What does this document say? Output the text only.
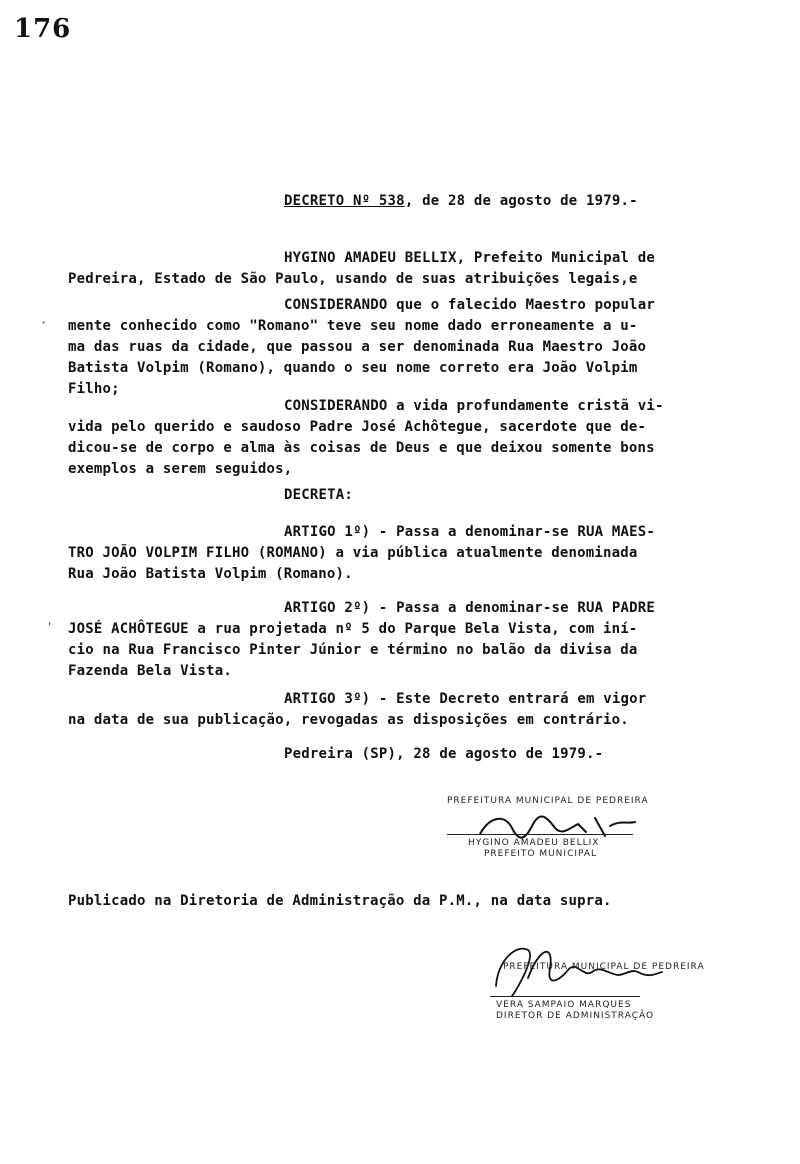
176
DECRETO Nº 538, de 28 de agosto de 1979.-
HYGINO AMADEU BELLIX, Prefeito Municipal de
Pedreira, Estado de São Paulo, usando de suas atribuições legais,e
CONSIDERANDO que o falecido Maestro popular
mente conhecido como "Romano" teve seu nome dado erroneamente a u-
ma das ruas da cidade, que passou a ser denominada Rua Maestro João
Batista Volpim (Romano), quando o seu nome correto era João Volpim
Filho;
CONSIDERANDO a vida profundamente cristã vi-
vida pelo querido e saudoso Padre José Achôtegue, sacerdote que de-
dicou-se de corpo e alma às coisas de Deus e que deixou somente bons
exemplos a serem seguidos,
DECRETA:
ARTIGO 1º) - Passa a denominar-se RUA MAES-
TRO JOÃO VOLPIM FILHO (ROMANO) a via pública atualmente denominada
Rua João Batista Volpim (Romano).
ARTIGO 2º) - Passa a denominar-se RUA PADRE
JOSÉ ACHÔTEGUE a rua projetada nº 5 do Parque Bela Vista, com iní-
cio na Rua Francisco Pinter Júnior e término no balão da divisa da
Fazenda Bela Vista.
ARTIGO 3º) - Este Decreto entrará em vigor
na data de sua publicação, revogadas as disposições em contrário.
Pedreira (SP), 28 de agosto de 1979.-
PREFEITURA MUNICIPAL DE PEDREIRA
HYGINO AMADEU BELLIX
PREFEITO MUNICIPAL
Publicado na Diretoria de Administração da P.M., na data supra.
PREFEITURA MUNICIPAL DE PEDREIRA
VERA SAMPAIO MARQUES
DIRETOR DE ADMINISTRAÇÃO
·
'
